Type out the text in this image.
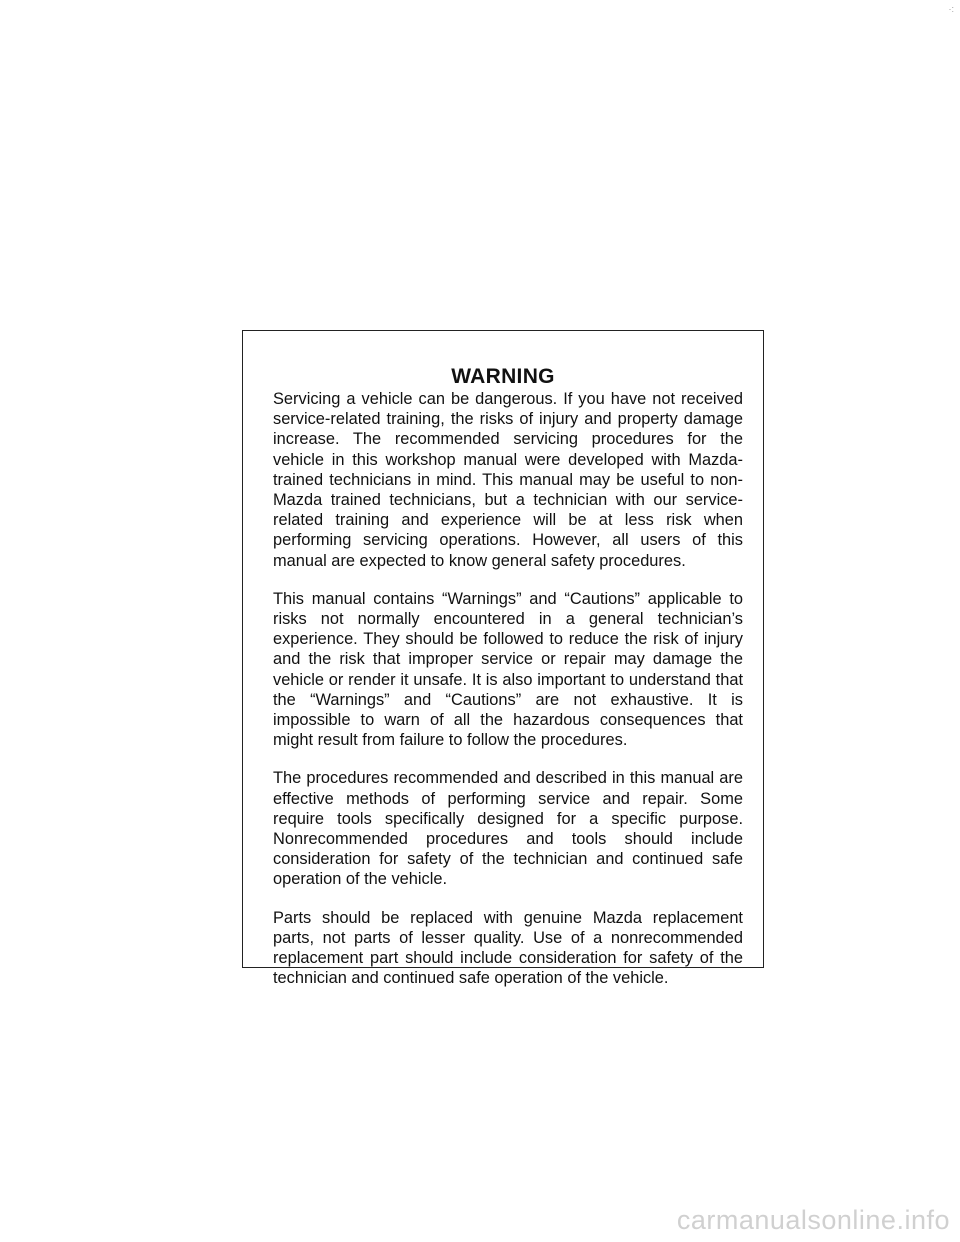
·:
WARNING

Servicing a vehicle can be dangerous. If you have not received service-related training, the risks of injury and property damage increase. The recommended servicing procedures for the vehicle in this workshop manual were developed with Mazda-trained technicians in mind. This manual may be useful to non-Mazda trained technicians, but a technician with our service-related training and experience will be at less risk when performing servicing operations. However, all users of this manual are expected to know general safety procedures.

This manual contains “Warnings” and “Cautions” applicable to risks not normally encountered in a general technician’s experience. They should be followed to reduce the risk of injury and the risk that improper service or repair may damage the vehicle or render it unsafe. It is also important to understand that the “Warnings” and “Cautions” are not exhaustive. It is impossible to warn of all the hazardous consequences that might result from failure to follow the procedures.

The procedures recommended and described in this manual are effective methods of performing service and repair. Some require tools specifically designed for a specific purpose. Nonrecommended procedures and tools should include consideration for safety of the technician and continued safe operation of the vehicle.

Parts should be replaced with genuine Mazda replacement parts, not parts of lesser quality. Use of a nonrecommended replacement part should include consideration for safety of the technician and continued safe operation of the vehicle.

carmanualsonline.info
